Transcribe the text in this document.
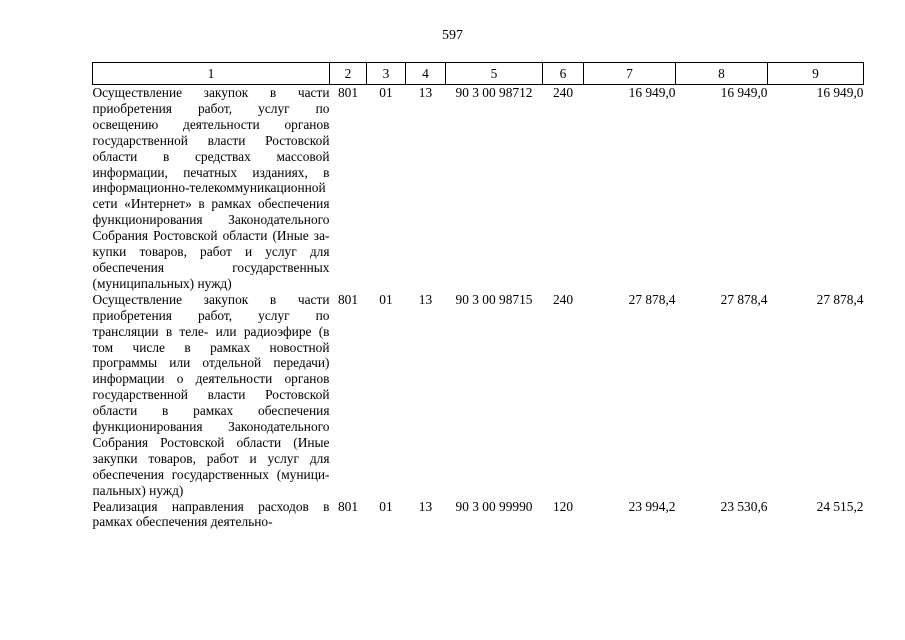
597
1	2	3	4	5	6	7	8	9
Осуществление закупок в части приобретения работ, услуг по освещению деятельности органов государственной власти Ростовской области в средствах массовой информации, печатных изданиях, в информационно-телекоммуникационной сети «Интернет» в рамках обеспечения функционирования Законодательного Собрания Ростовской области (Иные закупки товаров, работ и услуг для обеспечения государственных (муниципальных) нужд)	801	01	13	90 3 00 98712	240	16 949,0	16 949,0	16 949,0
Осуществление закупок в части приобретения работ, услуг по трансляции в теле- или радиоэфире (в том числе в рамках новостной программы или отдельной передачи) информации о деятельности органов государственной власти Ростовской области в рамках обеспечения функционирования Законодательного Собрания Ростовской области (Иные закупки товаров, работ и услуг для обеспечения государственных (муниципальных) нужд)	801	01	13	90 3 00 98715	240	27 878,4	27 878,4	27 878,4
Реализация направления расходов в рамках обеспечения деятельно-	801	01	13	90 3 00 99990	120	23 994,2	23 530,6	24 515,2
